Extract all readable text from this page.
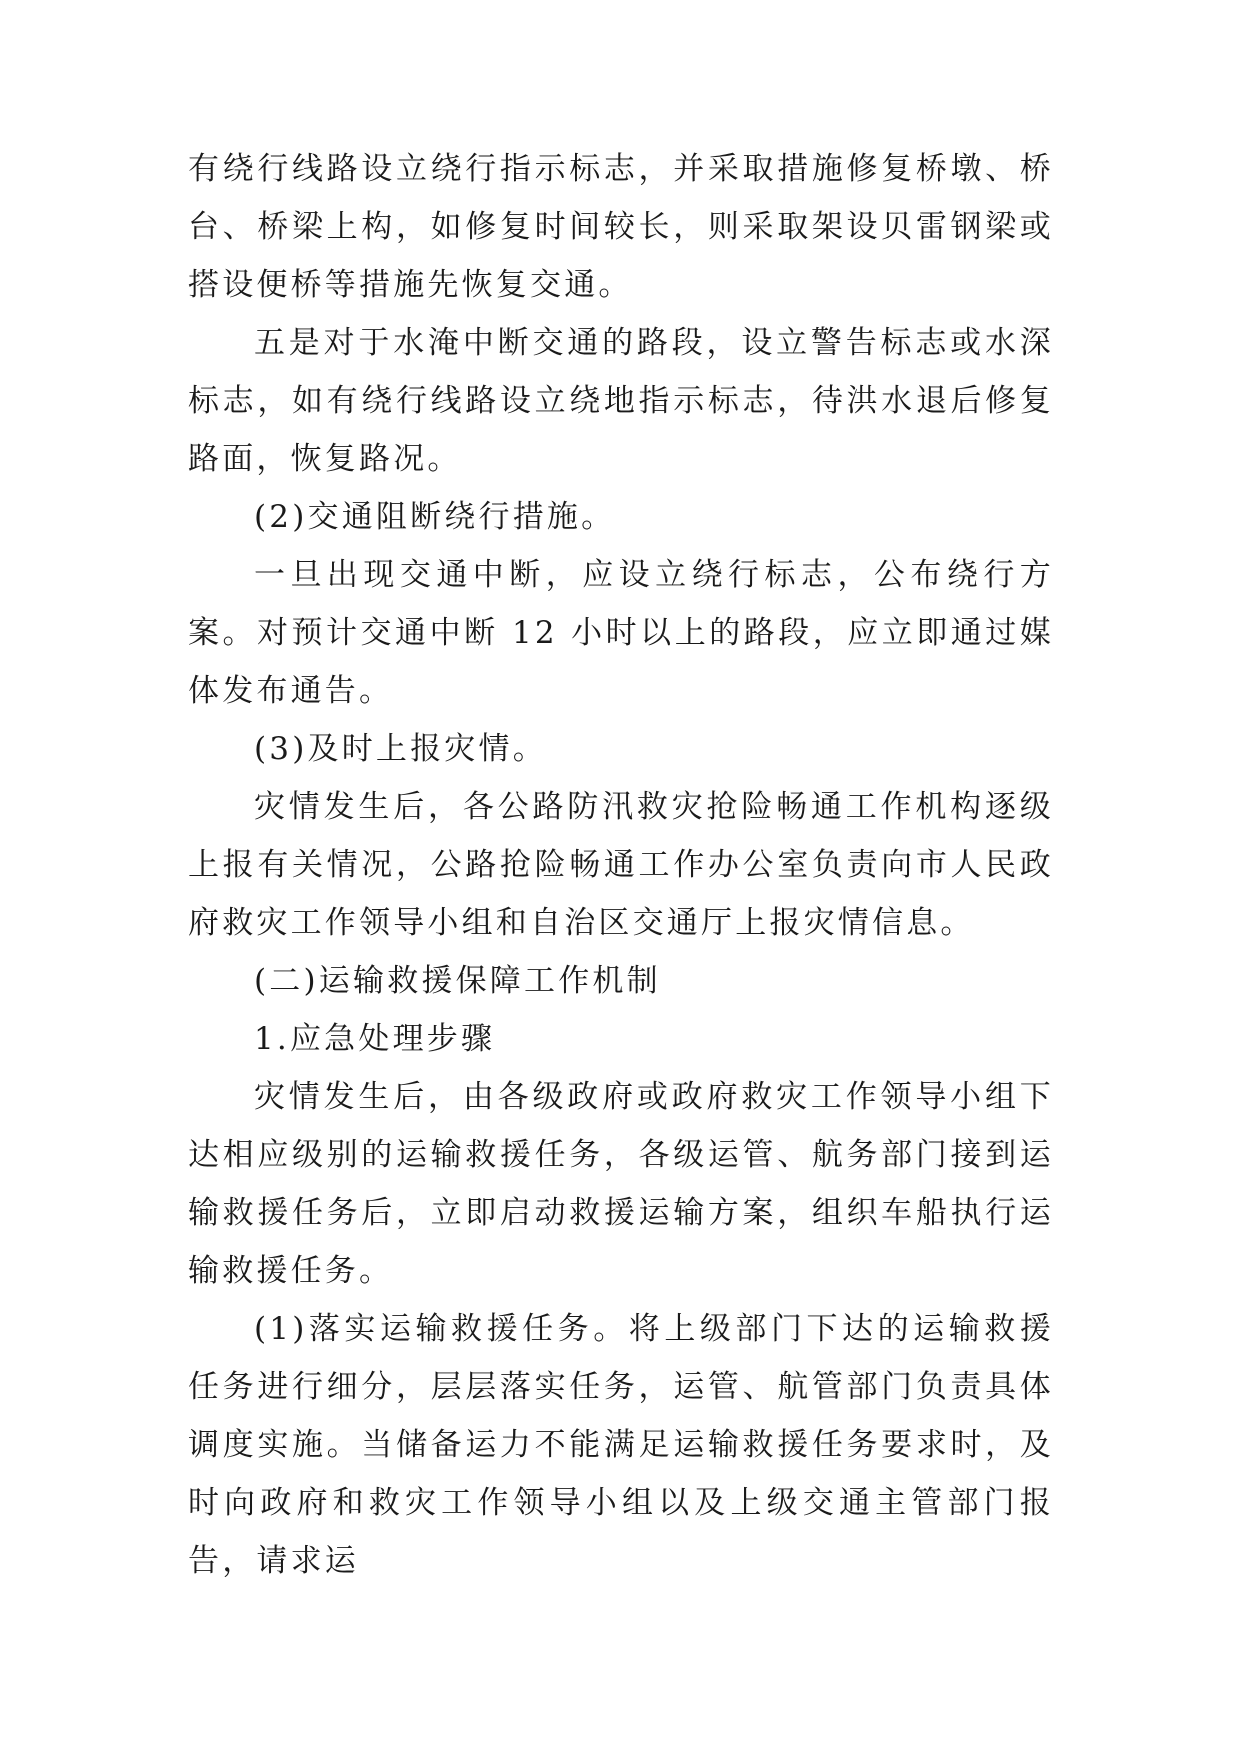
有绕行线路设立绕行指示标志，并采取措施修复桥墩、桥台、桥梁上构，如修复时间较长，则采取架设贝雷钢梁或搭设便桥等措施先恢复交通。

五是对于水淹中断交通的路段，设立警告标志或水深标志，如有绕行线路设立绕地指示标志，待洪水退后修复路面，恢复路况。

(2)交通阻断绕行措施。

一旦出现交通中断，应设立绕行标志，公布绕行方案。对预计交通中断 12 小时以上的路段，应立即通过媒体发布通告。

(3)及时上报灾情。

灾情发生后，各公路防汛救灾抢险畅通工作机构逐级上报有关情况，公路抢险畅通工作办公室负责向市人民政府救灾工作领导小组和自治区交通厅上报灾情信息。

(二)运输救援保障工作机制

1.应急处理步骤

灾情发生后，由各级政府或政府救灾工作领导小组下达相应级别的运输救援任务，各级运管、航务部门接到运输救援任务后，立即启动救援运输方案，组织车船执行运输救援任务。

(1)落实运输救援任务。将上级部门下达的运输救援任务进行细分，层层落实任务，运管、航管部门负责具体调度实施。当储备运力不能满足运输救援任务要求时，及时向政府和救灾工作领导小组以及上级交通主管部门报告，请求运
